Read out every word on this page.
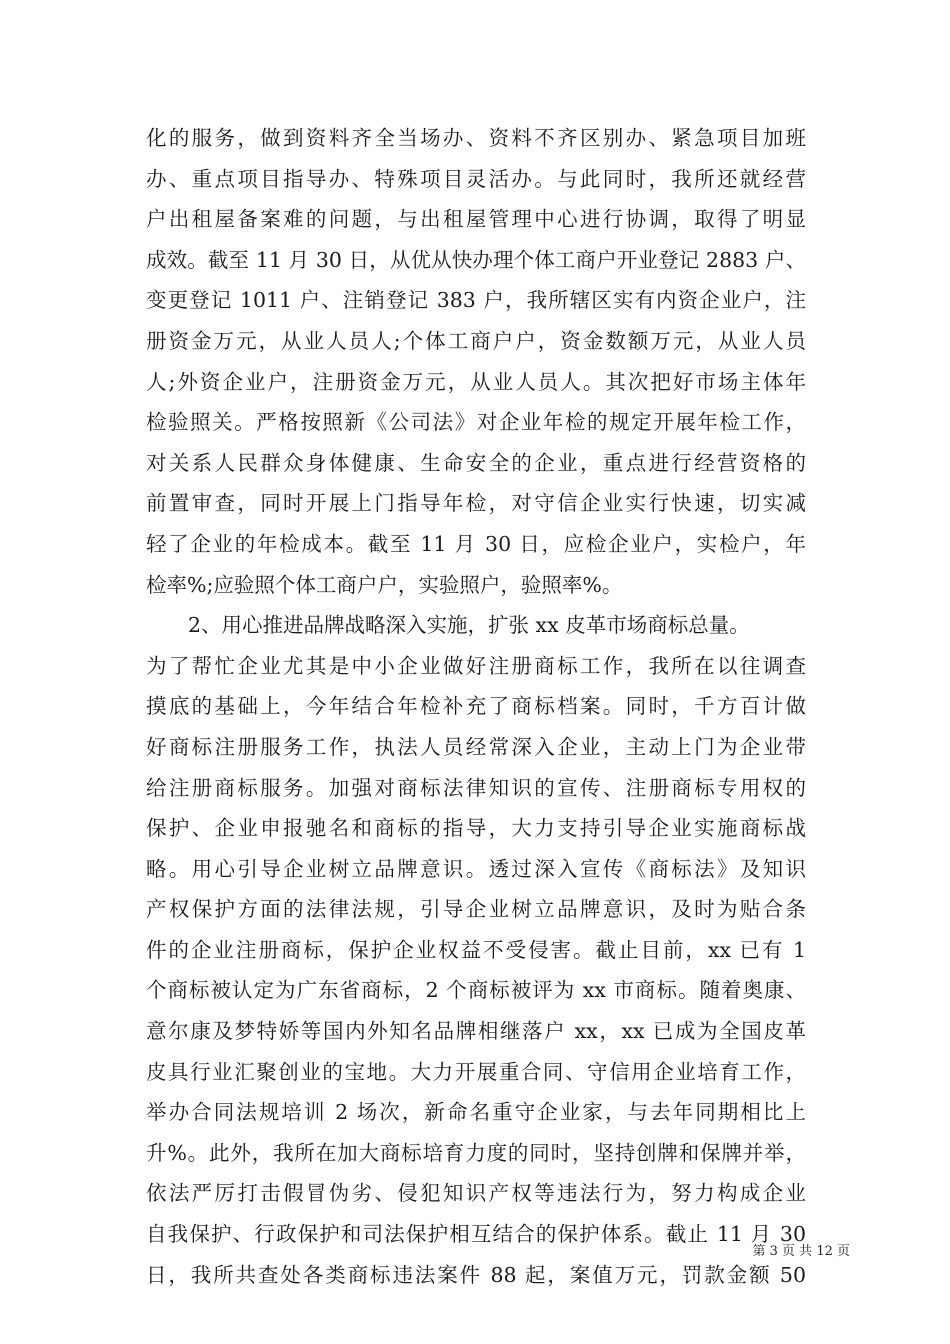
化的服务，做到资料齐全当场办、资料不齐区别办、紧急项目加班
办、重点项目指导办、特殊项目灵活办。与此同时，我所还就经营
户出租屋备案难的问题，与出租屋管理中心进行协调，取得了明显
成效。截至 11 月 30 日，从优从快办理个体工商户开业登记 2883 户、
变更登记 1011 户、注销登记 383 户，我所辖区实有内资企业户，注
册资金万元，从业人员人;个体工商户户，资金数额万元，从业人员
人;外资企业户，注册资金万元，从业人员人。其次把好市场主体年
检验照关。严格按照新《公司法》对企业年检的规定开展年检工作，
对关系人民群众身体健康、生命安全的企业，重点进行经营资格的
前置审查，同时开展上门指导年检，对守信企业实行快速，切实减
轻了企业的年检成本。截至 11 月 30 日，应检企业户，实检户，年
检率%;应验照个体工商户户，实验照户，验照率%。
2、用心推进品牌战略深入实施，扩张 xx 皮革市场商标总量。
为了帮忙企业尤其是中小企业做好注册商标工作，我所在以往调查
摸底的基础上，今年结合年检补充了商标档案。同时，千方百计做
好商标注册服务工作，执法人员经常深入企业，主动上门为企业带
给注册商标服务。加强对商标法律知识的宣传、注册商标专用权的
保护、企业申报驰名和商标的指导，大力支持引导企业实施商标战
略。用心引导企业树立品牌意识。透过深入宣传《商标法》及知识
产权保护方面的法律法规，引导企业树立品牌意识，及时为贴合条
件的企业注册商标，保护企业权益不受侵害。截止目前，xx 已有 1
个商标被认定为广东省商标，2 个商标被评为 xx 市商标。随着奥康、
意尔康及梦特娇等国内外知名品牌相继落户 xx，xx 已成为全国皮革
皮具行业汇聚创业的宝地。大力开展重合同、守信用企业培育工作，
举办合同法规培训 2 场次，新命名重守企业家，与去年同期相比上
升%。此外，我所在加大商标培育力度的同时，坚持创牌和保牌并举，
依法严厉打击假冒伪劣、侵犯知识产权等违法行为，努力构成企业
自我保护、行政保护和司法保护相互结合的保护体系。截止 11 月 30
日，我所共查处各类商标违法案件 88 起，案值万元，罚款金额 50
第 3 页 共 12 页
